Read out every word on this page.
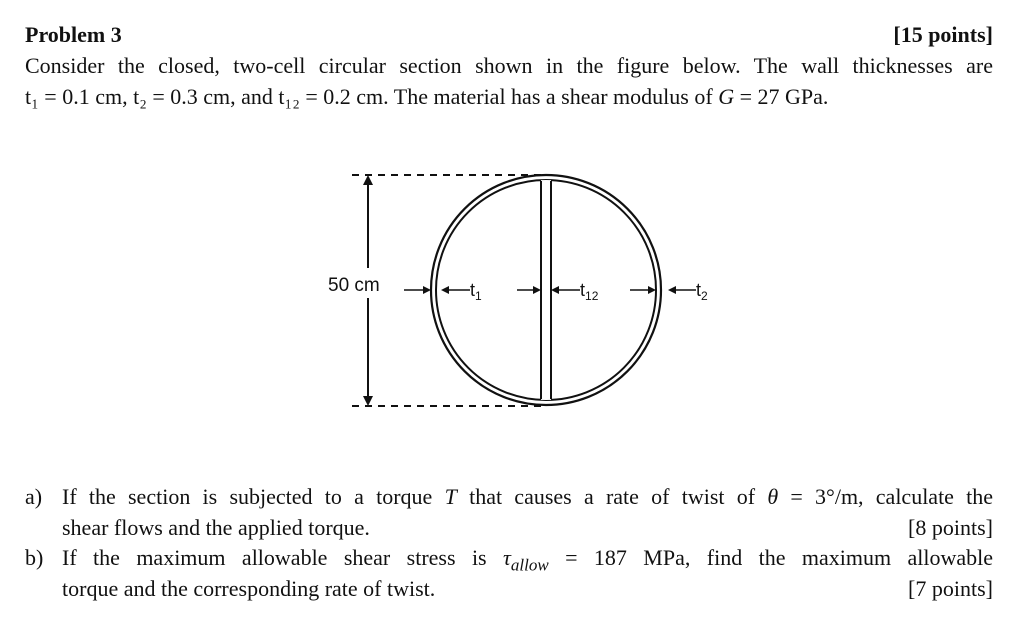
Problem 3	[15 points]
Consider the closed, two-cell circular section shown in the figure below. The wall thicknesses are
t₁ = 0.1 cm, t₂ = 0.3 cm, and t₁₂ = 0.2 cm. The material has a shear modulus of G = 27 GPa.
50 cm	$t_1$	$t_{12}$	$t_2$
a) If the section is subjected to a torque T that causes a rate of twist of θ = 3°/m, calculate the
shear flows and the applied torque.	[8 points]
b) If the maximum allowable shear stress is $\tau_{allow} = 187$ MPa, find the maximum allowable
torque and the corresponding rate of twist.	[7 points]
